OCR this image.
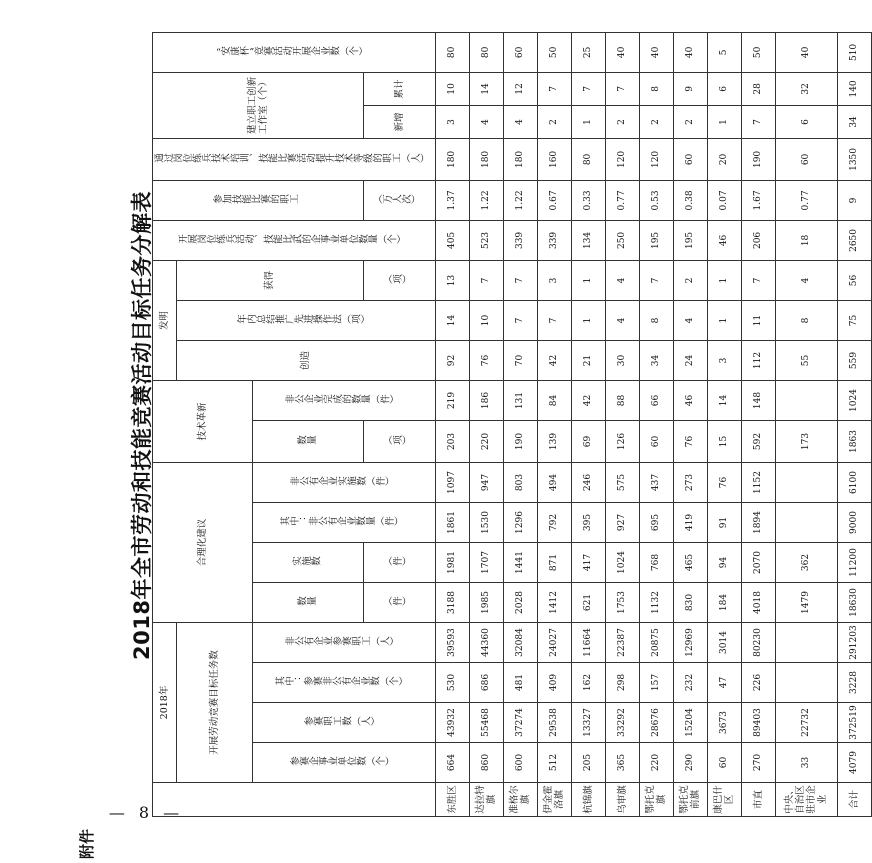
— 8 —
附件
2018年全市劳动和技能竞赛活动目标任务分解表
	2018年				合理化建议				技术革新		发明			开展岗位练兵活动、技能比武的企事业单位数量（个）	参加技能比赛的职工	通过岗位练兵技术培训、技能比赛活动提升技术等级的职工（人）	建立职工创新工作室（个）		“安康杯”竞赛活动开展企业数（个）	
	开展劳动竞赛目标任务数										创造	年内总结推广先进操作法（项）	获得							
	参赛企事业单位数（个）	参赛职工数（人）	其中：参赛非公有企业数（个）	非公有企业参赛职工（人）	数量	实施数	其中：非公有企业数量（件）	非公有企业实施数（件）	数量	非公企业完成的数量（件）	
					（件）	（件）			（项）				（项）		（万人次）		新增	累计		
东胜区	664	43932	530	39593	3188	1981	1861	1097	203	219	92	14	13	405	1.37	180	3	10	80	
达拉特旗	860	55468	686	44360	1985	1707	1530	947	220	186	76	10	7	523	1.22	180	4	14	80	
准格尔旗	600	37274	481	32084	2028	1441	1296	803	190	131	70	7	7	339	1.22	180	4	12	60	
伊金霍洛旗	512	29538	409	24027	1412	871	792	494	139	84	42	7	3	339	0.67	160	2	7	50	
杭锦旗	205	13327	162	11664	621	417	395	246	69	42	21	1	1	134	0.33	80	1	7	25	
乌审旗	365	33292	298	22387	1753	1024	927	575	126	88	30	4	4	250	0.77	120	2	7	40	
鄂托克旗	220	28676	157	20875	1132	768	695	437	60	66	34	8	7	195	0.53	120	2	8	40	
鄂托克前旗	290	15204	232	12969	830	465	419	273	76	46	24	4	2	195	0.38	60	2	9	40	
康巴什区	60	3673	47	3014	184	94	91	76	15	14	3	1	1	46	0.07	20	1	6	5	
市直	270	89403	226	80230	4018	2070	1894	1152	592	148	112	11	7	206	1.67	190	7	28	50	
中央、自治区驻市企业	33	22732			1479	362			173		55	8	4	18	0.77	60	6	32	40	
合计	4079	372519	3228	291203	18630	11200	9000	6100	1863	1024	559	75	56	2650	9	1350	34	140	510	
